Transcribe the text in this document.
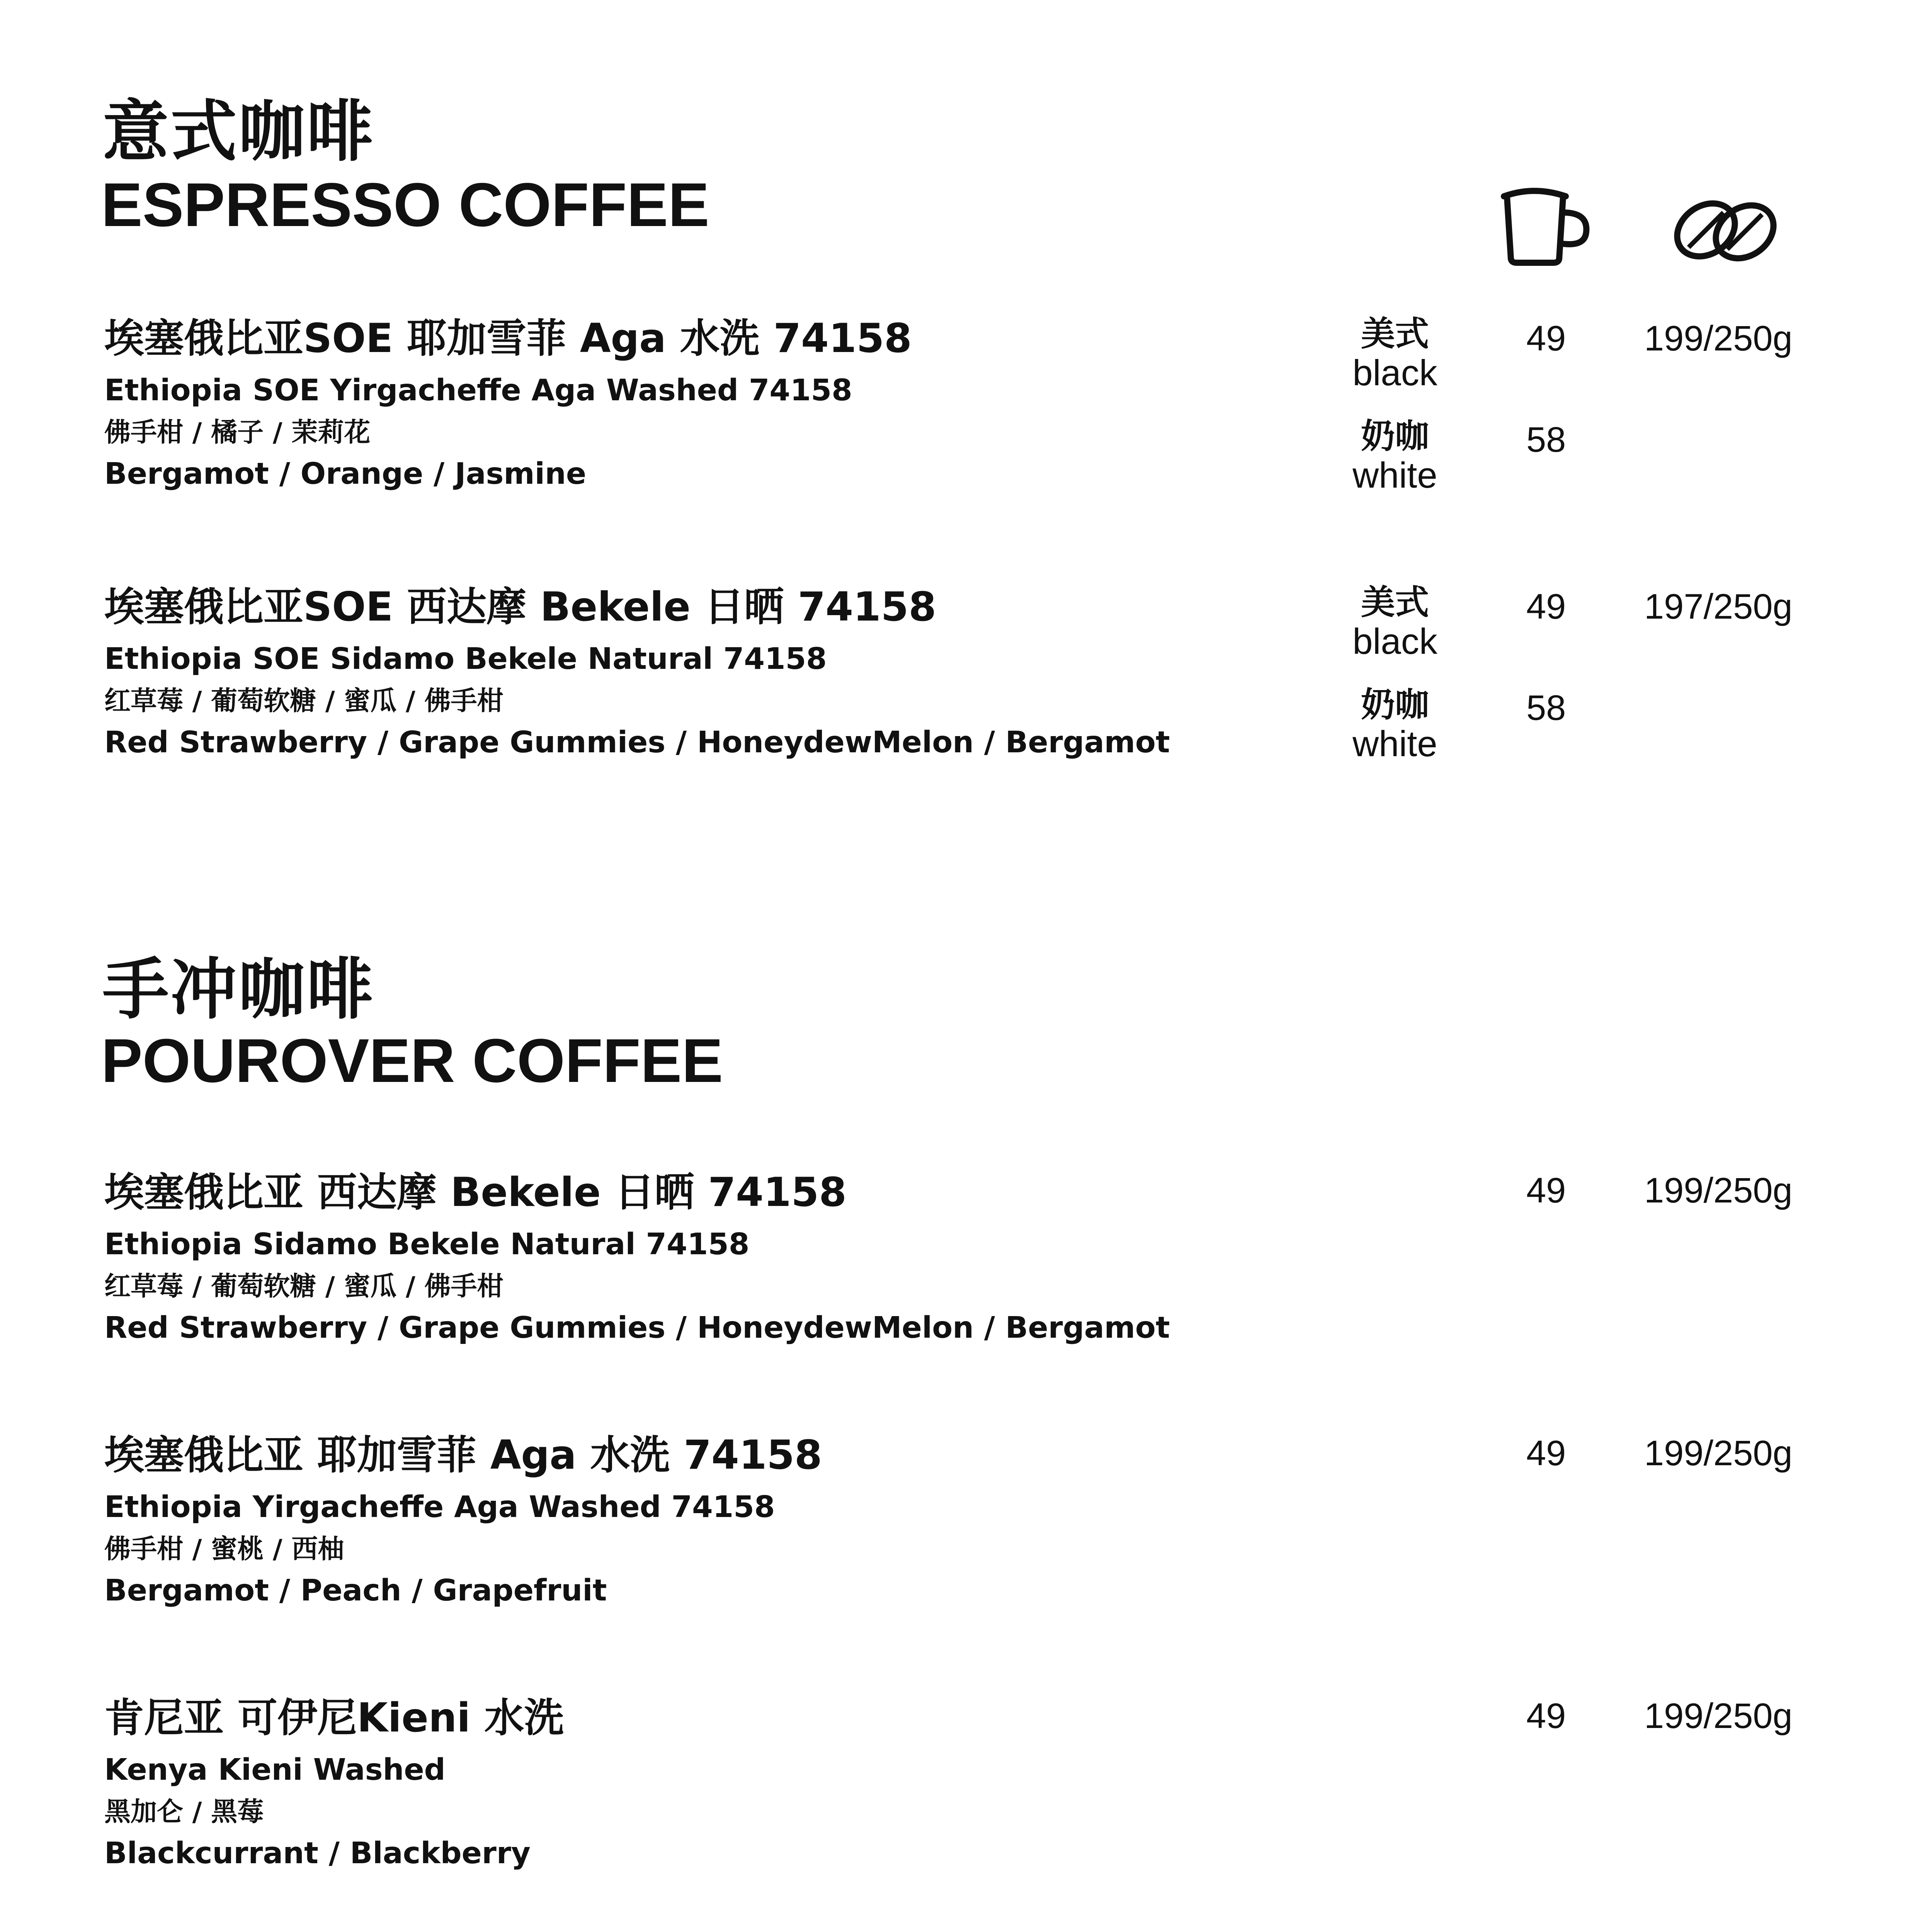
意式咖啡
ESPRESSO COFFEE
埃塞俄比亚SOE 耶加雪菲 Aga 水洗 74158
Ethiopia SOE Yirgacheffe Aga Washed 74158
佛手柑 / 橘子 / 茉莉花
Bergamot / Orange / Jasmine
美式
black
49 199/250g
奶咖
white
58
埃塞俄比亚SOE 西达摩 Bekele 日晒 74158
Ethiopia SOE Sidamo Bekele Natural 74158
红草莓 / 葡萄软糖 / 蜜瓜 / 佛手柑
Red Strawberry / Grape Gummies / HoneydewMelon / Bergamot
美式
black
49 197/250g
奶咖
white
58
手冲咖啡
POUROVER COFFEE
埃塞俄比亚 西达摩 Bekele 日晒 74158
Ethiopia Sidamo Bekele Natural 74158
红草莓 / 葡萄软糖 / 蜜瓜 / 佛手柑
Red Strawberry / Grape Gummies / HoneydewMelon / Bergamot
49 199/250g
埃塞俄比亚 耶加雪菲 Aga 水洗 74158
Ethiopia Yirgacheffe Aga Washed 74158
佛手柑 / 蜜桃 / 西柚
Bergamot / Peach / Grapefruit
49 199/250g
肯尼亚 可伊尼Kieni 水洗
Kenya Kieni Washed
黑加仑 / 黑莓
Blackcurrant / Blackberry
49 199/250g
